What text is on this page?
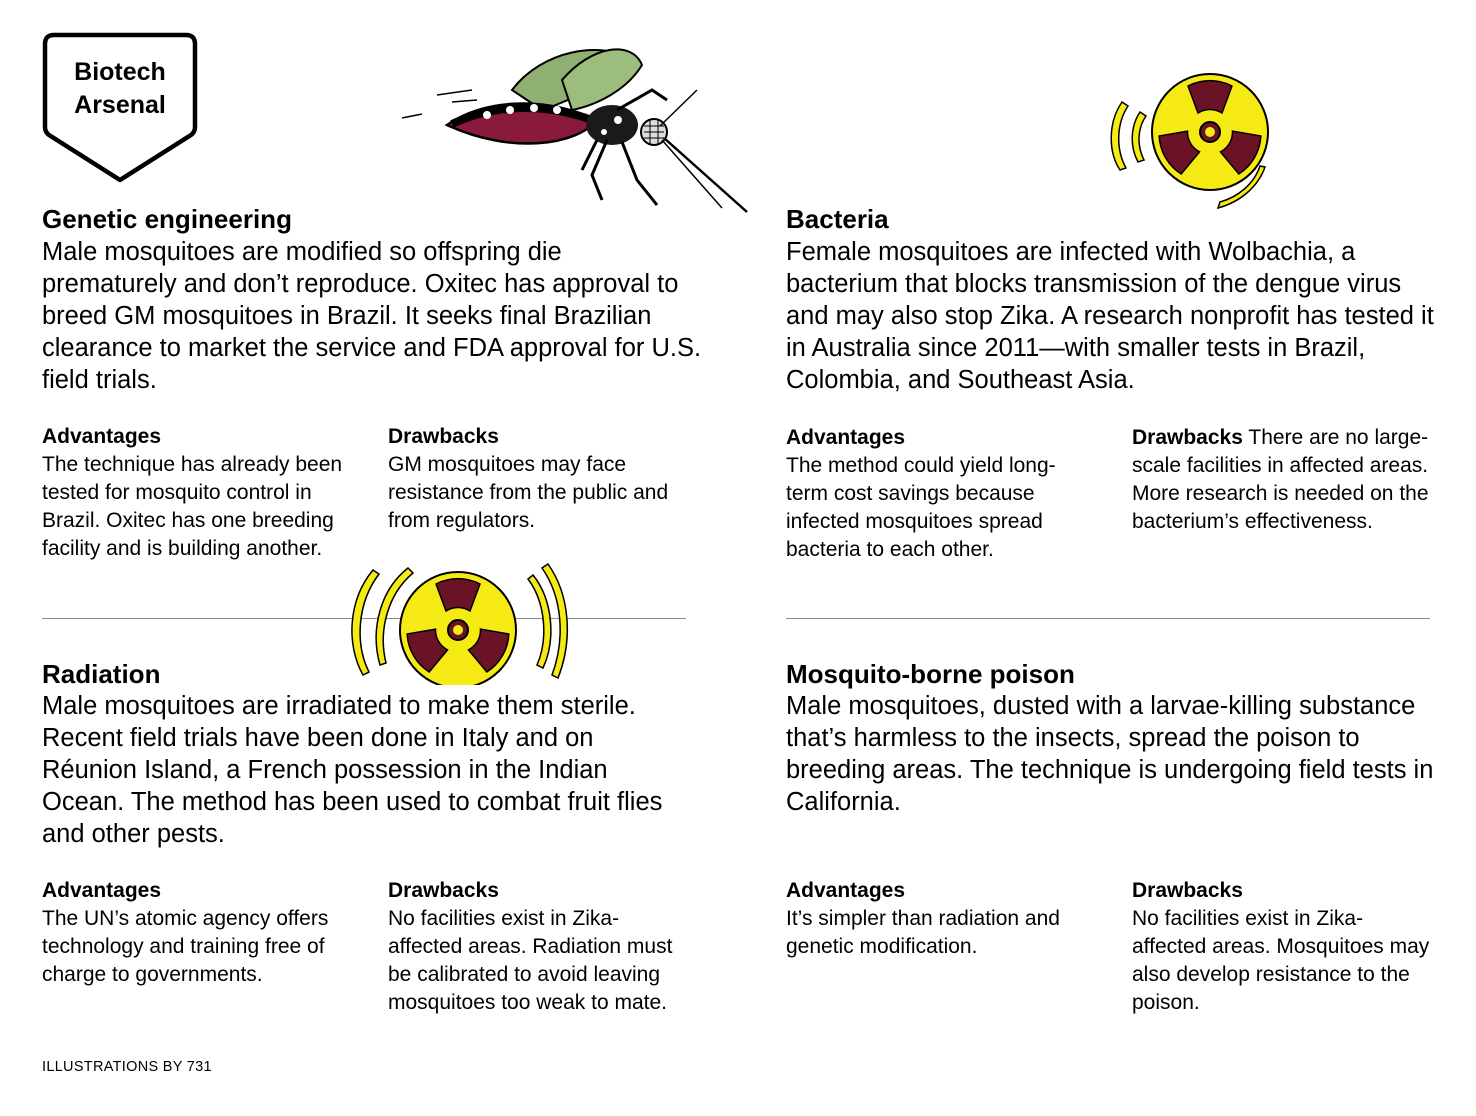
Biotech
Arsenal
Genetic engineering
Male mosquitoes are modified so offspring die prematurely and don’t reproduce. Oxitec has approval to breed GM mosquitoes in Brazil. It seeks final Brazilian clearance to market the service and FDA approval for U.S. field trials.
Advantages
The technique has already been tested for mosquito control in Brazil. Oxitec has one breeding facility and is building another.
Drawbacks
GM mosquitoes may face resistance from the public and from regulators.
Bacteria
Female mosquitoes are infected with Wolbachia, a bacterium that blocks transmission of the dengue virus and may also stop Zika. A research nonprofit has tested it in Australia since 2011—with smaller tests in Brazil, Colombia, and Southeast Asia.
Advantages
The method could yield long-term cost savings because infected mosquitoes spread bacteria to each other.
Drawbacks There are no large-scale facilities in affected areas. More research is needed on the bacterium’s effectiveness.
Radiation
Male mosquitoes are irradiated to make them sterile. Recent field trials have been done in Italy and on Réunion Island, a French possession in the Indian Ocean. The method has been used to combat fruit flies and other pests.
Advantages
The UN’s atomic agency offers technology and training free of charge to governments.
Drawbacks
No facilities exist in Zika-affected areas. Radiation must be calibrated to avoid leaving mosquitoes too weak to mate.
Mosquito-borne poison
Male mosquitoes, dusted with a larvae-killing substance that’s harmless to the insects, spread the poison to breeding areas. The technique is undergoing field tests in California.
Advantages
It’s simpler than radiation and genetic modification.
Drawbacks
No facilities exist in Zika-affected areas. Mosquitoes may also develop resistance to the poison.
ILLUSTRATIONS BY 731
